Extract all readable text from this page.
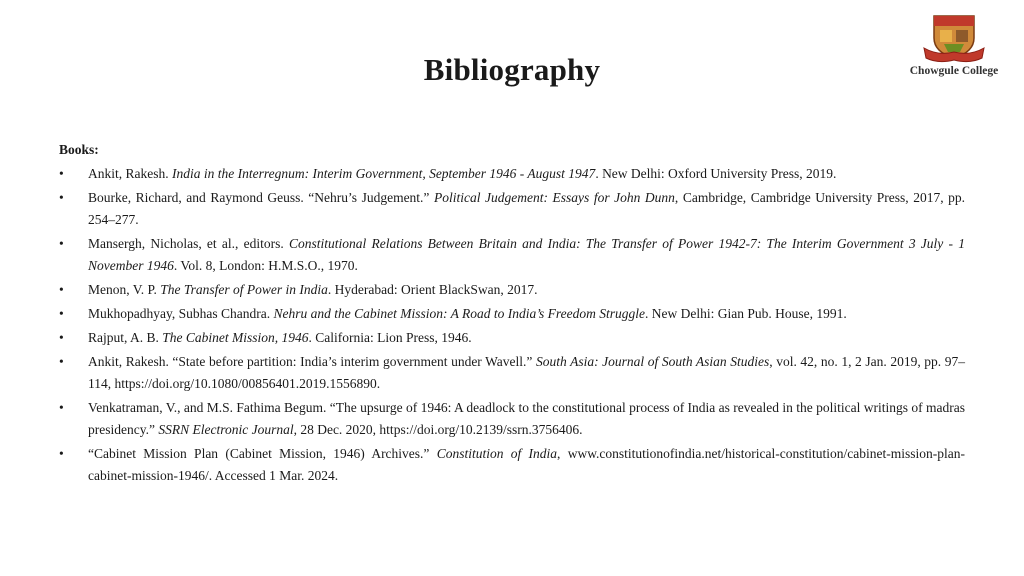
Bibliography	Chowgule College
Books:
• Ankit, Rakesh. India in the Interregnum: Interim Government, September 1946 - August 1947. New Delhi: Oxford University Press, 2019.
• Bourke, Richard, and Raymond Geuss. “Nehru’s Judgement.” Political Judgement: Essays for John Dunn, Cambridge, Cambridge University Press, 2017, pp. 254–277.
• Mansergh, Nicholas, et al., editors. Constitutional Relations Between Britain and India: The Transfer of Power 1942-7: The Interim Government 3 July - 1 November 1946. Vol. 8, London: H.M.S.O., 1970.
• Menon, V. P. The Transfer of Power in India. Hyderabad: Orient BlackSwan, 2017.
• Mukhopadhyay, Subhas Chandra. Nehru and the Cabinet Mission: A Road to India’s Freedom Struggle. New Delhi: Gian Pub. House, 1991.
• Rajput, A. B. The Cabinet Mission, 1946. California: Lion Press, 1946.
• Ankit, Rakesh. “State before partition: India’s interim government under Wavell.” South Asia: Journal of South Asian Studies, vol. 42, no. 1, 2 Jan. 2019, pp. 97–114, https://doi.org/10.1080/00856401.2019.1556890.
• Venkatraman, V., and M.S. Fathima Begum. “The upsurge of 1946: A deadlock to the constitutional process of India as revealed in the political writings of madras presidency.” SSRN Electronic Journal, 28 Dec. 2020, https://doi.org/10.2139/ssrn.3756406.
• “Cabinet Mission Plan (Cabinet Mission, 1946) Archives.” Constitution of India, www.constitutionofindia.net/historical-constitution/cabinet-mission-plan-cabinet-mission-1946/. Accessed 1 Mar. 2024.
